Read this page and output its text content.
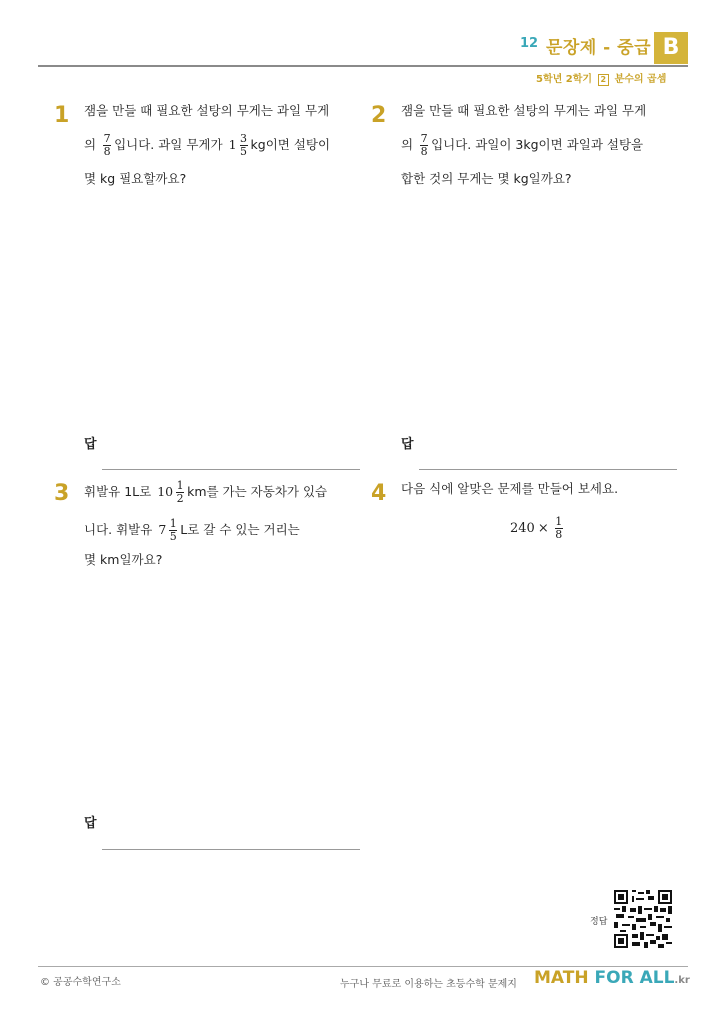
12 문장제 - 중급 B
5학년 2학기 2 분수의 곱셈
1 잼을 만들 때 필요한 설탕의 무게는 과일 무게
의 $\frac{7}{8}$ 입니다. 과일 무게가 $1 \frac{3}{5}$ kg이면 설탕이
몇 kg 필요할까요?
답
2 잼을 만들 때 필요한 설탕의 무게는 과일 무게
의 $\frac{7}{8}$ 입니다. 과일이 3kg이면 과일과 설탕을
합한 것의 무게는 몇 kg일까요?
답
3 휘발유 1L로 $10 \frac{1}{2}$ km를 가는 자동차가 있습
니다. 휘발유 $7 \frac{1}{5}$ L로 갈 수 있는 거리는
몇 km일까요?
답
4 다음 식에 알맞은 문제를 만들어 보세요.
$240 \times \frac{1}{8}$
정답
© 공공수학연구소	누구나 무료로 이용하는 초등수학 문제지 MATH FOR ALL.kr
